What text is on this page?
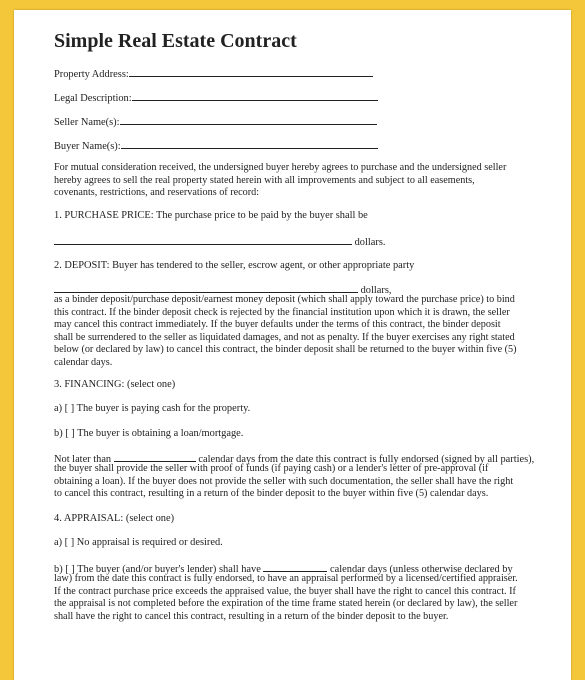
Simple Real Estate Contract
Property Address:
Legal Description:
Seller Name(s):
Buyer Name(s):
For mutual consideration received, the undersigned buyer hereby agrees to purchase and the undersigned seller
hereby agrees to sell the real property stated herein with all improvements and subject to all easements,
covenants, restrictions, and reservations of record:
1. PURCHASE PRICE: The purchase price to be paid by the buyer shall be
dollars.
2. DEPOSIT: Buyer has tendered to the seller, escrow agent, or other appropriate party
dollars,
as a binder deposit/purchase deposit/earnest money deposit (which shall apply toward the purchase price) to bind
this contract. If the binder deposit check is rejected by the financial institution upon which it is drawn, the seller
may cancel this contract immediately. If the buyer defaults under the terms of this contract, the binder deposit
shall be surrendered to the seller as liquidated damages, and not as penalty. If the buyer exercises any right stated
below (or declared by law) to cancel this contract, the binder deposit shall be returned to the buyer within five (5)
calendar days.
3. FINANCING: (select one)
a) [ ] The buyer is paying cash for the property.
b) [ ] The buyer is obtaining a loan/mortgage.
Not later than	calendar days from the date this contract is fully endorsed (signed by all parties),
the buyer shall provide the seller with proof of funds (if paying cash) or a lender's letter of pre-approval (if
obtaining a loan). If the buyer does not provide the seller with such documentation, the seller shall have the right
to cancel this contract, resulting in a return of the binder deposit to the buyer within five (5) calendar days.
4. APPRAISAL: (select one)
a) [ ] No appraisal is required or desired.
b) [ ] The buyer (and/or buyer's lender) shall have	calendar days (unless otherwise declared by
law) from the date this contract is fully endorsed, to have an appraisal performed by a licensed/certified appraiser.
If the contract purchase price exceeds the appraised value, the buyer shall have the right to cancel this contract. If
the appraisal is not completed before the expiration of the time frame stated herein (or declared by law), the seller
shall have the right to cancel this contract, resulting in a return of the binder deposit to the buyer.
